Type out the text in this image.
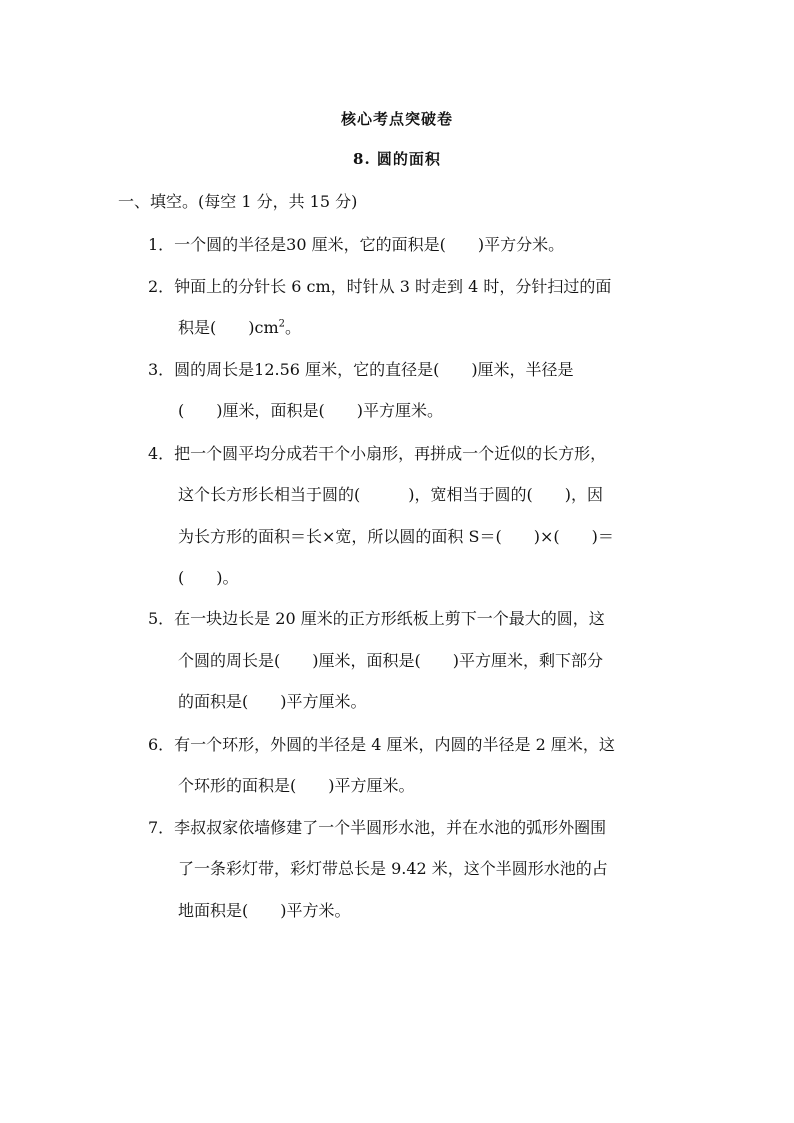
核心考点突破卷
8. 圆的面积
一、填空。(每空 1 分，共 15 分)
1．一个圆的半径是30 厘米，它的面积是(　　)平方分米。
2．钟面上的分针长 6 cm，时针从 3 时走到 4 时，分针扫过的面
积是(　　)$cm^2$。
3．圆的周长是12.56 厘米，它的直径是(　　)厘米，半径是
(　　)厘米，面积是(　　)平方厘米。
4．把一个圆平均分成若干个小扇形，再拼成一个近似的长方形，
这个长方形长相当于圆的(　　　)，宽相当于圆的(　　)，因
为长方形的面积＝长×宽，所以圆的面积 S＝(　　)×(　　)＝
(　　)。
5．在一块边长是 20 厘米的正方形纸板上剪下一个最大的圆，这
个圆的周长是(　　)厘米，面积是(　　)平方厘米，剩下部分
的面积是(　　)平方厘米。
6．有一个环形，外圆的半径是 4 厘米，内圆的半径是 2 厘米，这
个环形的面积是(　　)平方厘米。
7．李叔叔家依墙修建了一个半圆形水池，并在水池的弧形外圈围
了一条彩灯带，彩灯带总长是 9.42 米，这个半圆形水池的占
地面积是(　　)平方米。
